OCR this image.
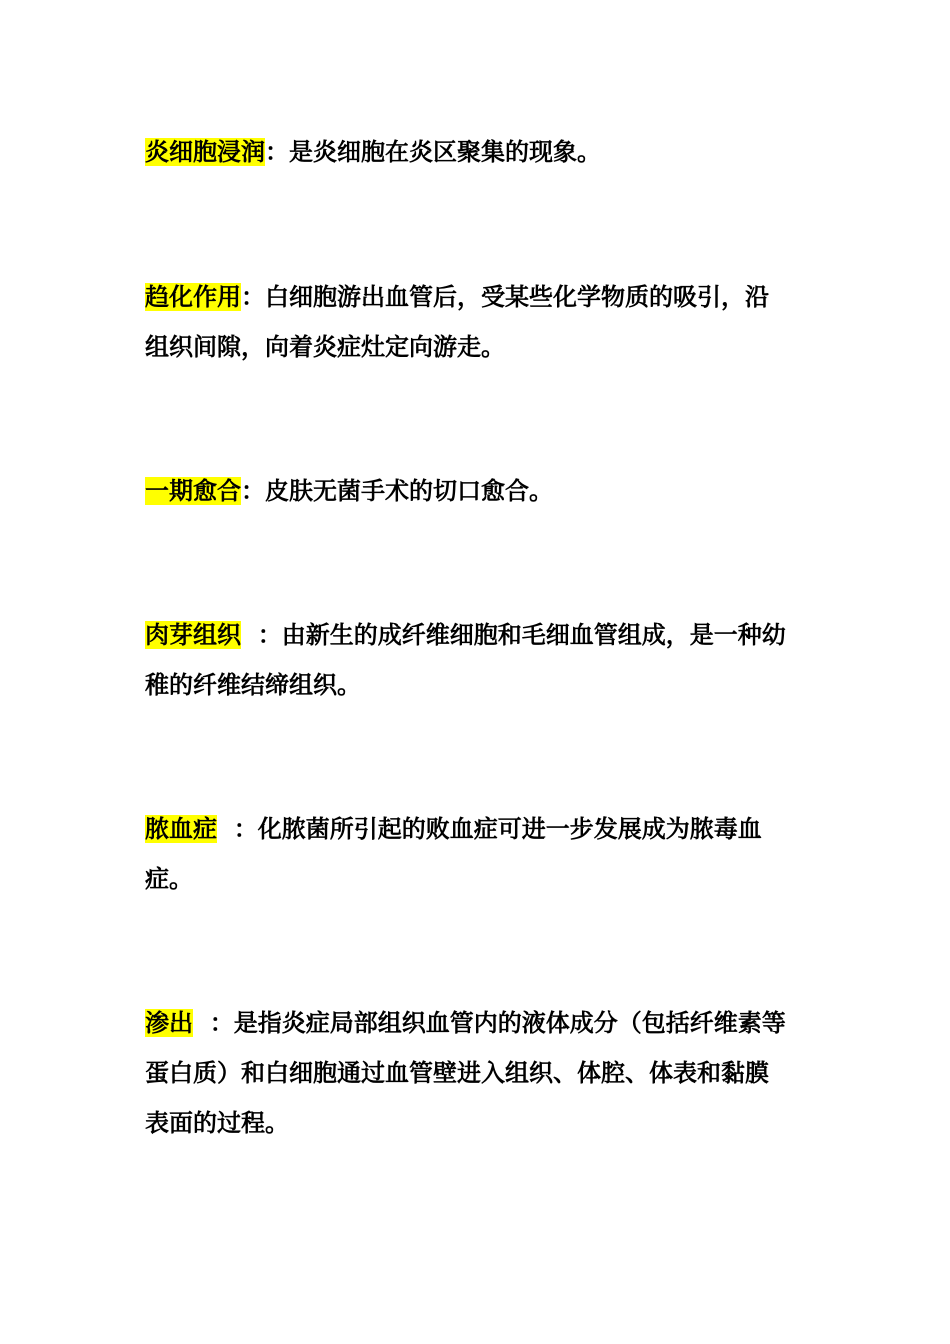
炎细胞浸润：是炎细胞在炎区聚集的现象。
趋化作用：白细胞游出血管后，受某些化学物质的吸引，沿组织间隙，向着炎症灶定向游走。
一期愈合：皮肤无菌手术的切口愈合。
肉芽组织  ：由新生的成纤维细胞和毛细血管组成，是一种幼稚的纤维结缔组织。
脓血症  ：化脓菌所引起的败血症可进一步发展成为脓毒血症。
渗出  ：是指炎症局部组织血管内的液体成分（包括纤维素等蛋白质）和白细胞通过血管壁进入组织、体腔、体表和黏膜表面的过程。
